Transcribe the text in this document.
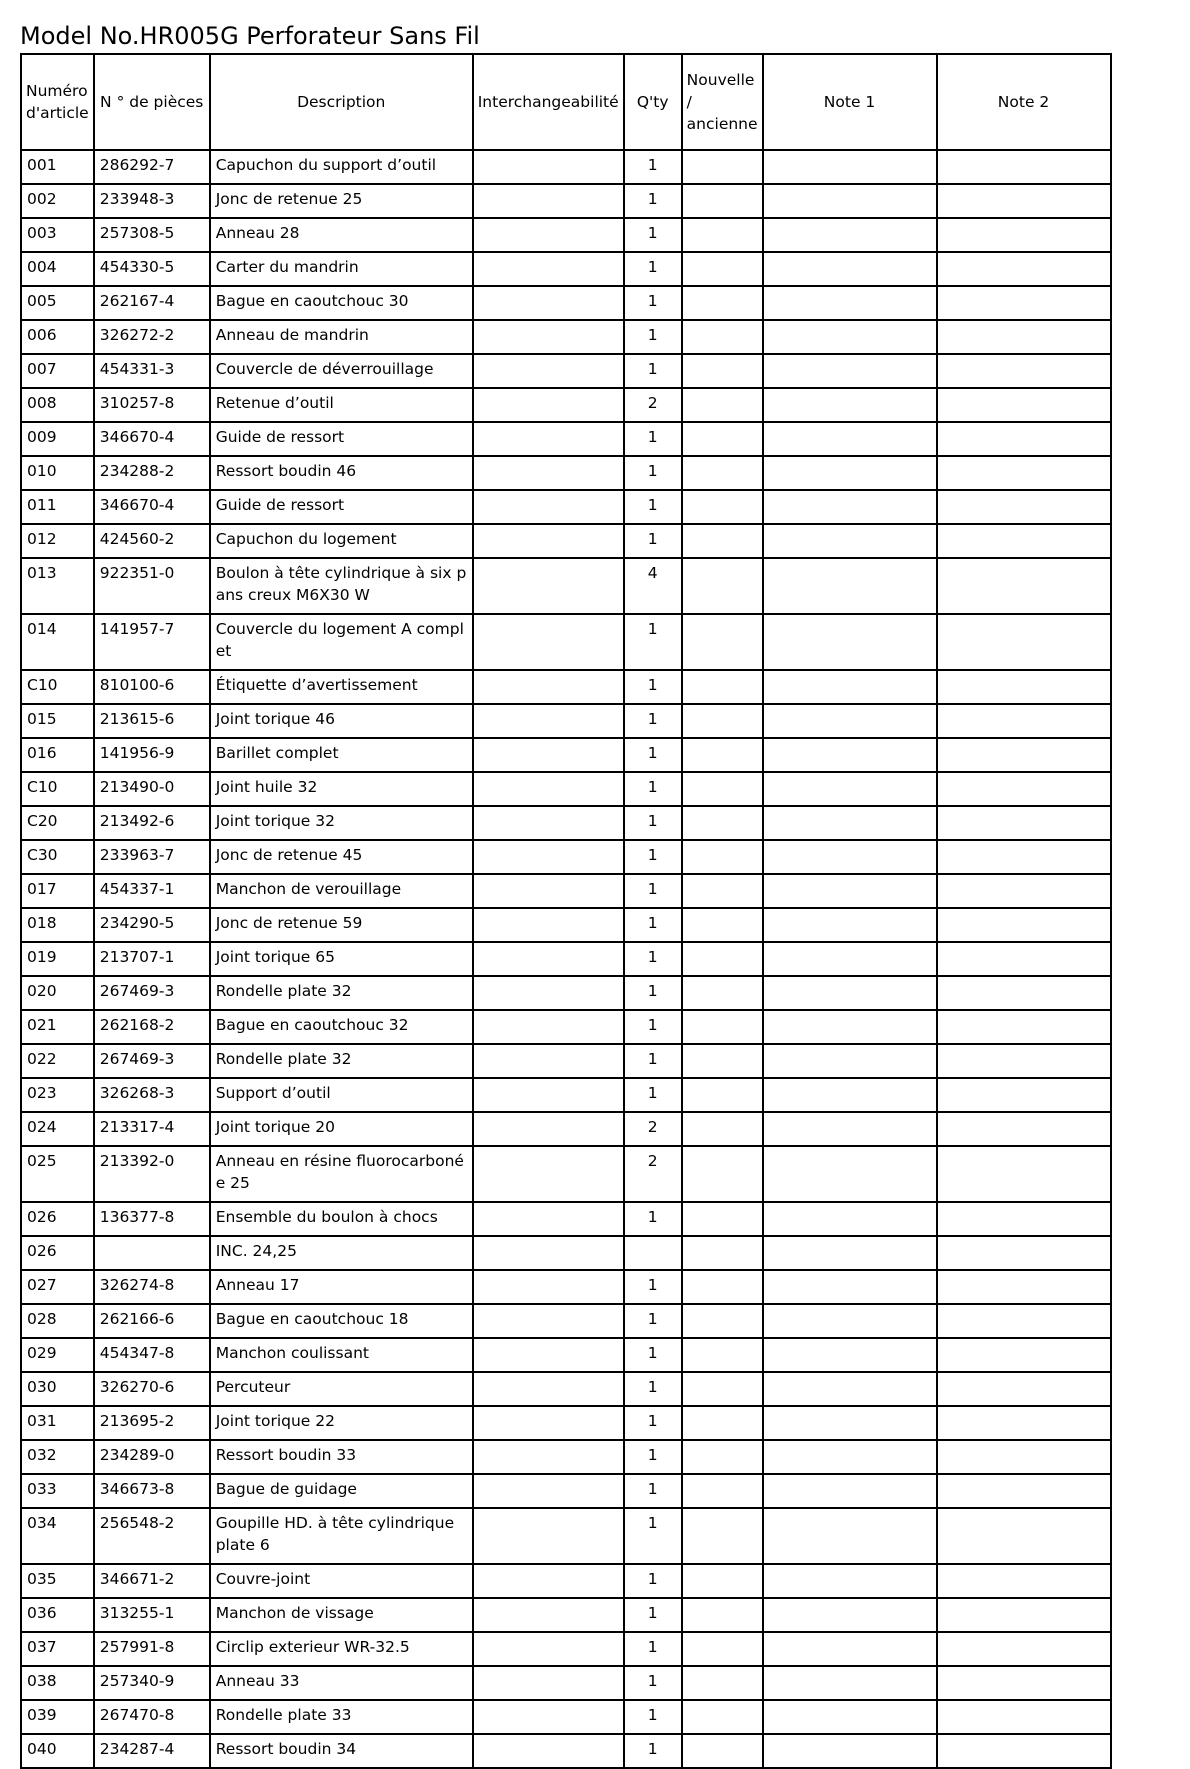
Model No.HR005G Perforateur Sans Fil
Numéro d'article	N ° de pièces	Description	Interchangeabilité	Q'ty	Nouvelle / ancienne	Note 1	Note 2
001	286292-7	Capuchon du support d’outil		1			
002	233948-3	Jonc de retenue 25		1			
003	257308-5	Anneau 28		1			
004	454330-5	Carter du mandrin		1			
005	262167-4	Bague en caoutchouc 30		1			
006	326272-2	Anneau de mandrin		1			
007	454331-3	Couvercle de déverrouillage		1			
008	310257-8	Retenue d’outil		2			
009	346670-4	Guide de ressort		1			
010	234288-2	Ressort boudin 46		1			
011	346670-4	Guide de ressort		1			
012	424560-2	Capuchon du logement		1			
013	922351-0	Boulon à tête cylindrique à six pans creux M6X30 W		4			
014	141957-7	Couvercle du logement A complet		1			
C10	810100-6	Étiquette d’avertissement		1			
015	213615-6	Joint torique 46		1			
016	141956-9	Barillet complet		1			
C10	213490-0	Joint huile 32		1			
C20	213492-6	Joint torique 32		1			
C30	233963-7	Jonc de retenue 45		1			
017	454337-1	Manchon de verouillage		1			
018	234290-5	Jonc de retenue 59		1			
019	213707-1	Joint torique 65		1			
020	267469-3	Rondelle plate 32		1			
021	262168-2	Bague en caoutchouc 32		1			
022	267469-3	Rondelle plate 32		1			
023	326268-3	Support d’outil		1			
024	213317-4	Joint torique 20		2			
025	213392-0	Anneau en résine fluorocarbonée 25		2			
026	136377-8	Ensemble du boulon à chocs		1			
026		INC. 24,25					
027	326274-8	Anneau 17		1			
028	262166-6	Bague en caoutchouc 18		1			
029	454347-8	Manchon coulissant		1			
030	326270-6	Percuteur		1			
031	213695-2	Joint torique 22		1			
032	234289-0	Ressort boudin 33		1			
033	346673-8	Bague de guidage		1			
034	256548-2	Goupille HD. à tête cylindrique plate 6		1			
035	346671-2	Couvre-joint		1			
036	313255-1	Manchon de vissage		1			
037	257991-8	Circlip exterieur WR-32.5		1			
038	257340-9	Anneau 33		1			
039	267470-8	Rondelle plate 33		1			
040	234287-4	Ressort boudin 34		1			
